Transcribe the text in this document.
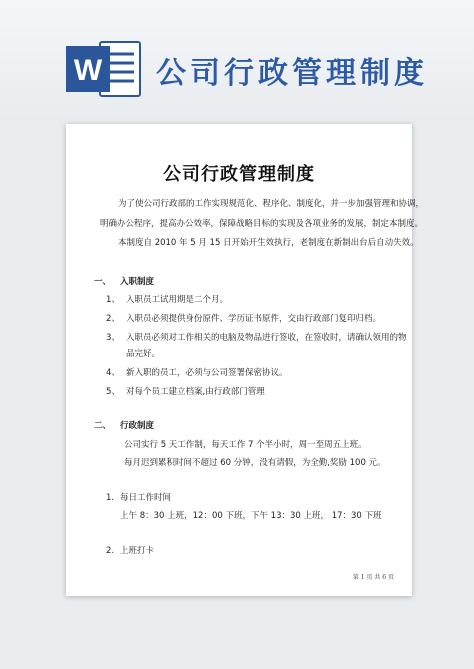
W 公司行政管理制度
公司行政管理制度
为了使公司行政部的工作实现规范化、程序化、制度化，并一步加强管理和协调，
明确办公程序，提高办公效率，保障战略目标的实现及各项业务的发展，制定本制度。
本制度自 2010 年 5 月 15 日开始开生效执行，老制度在新制出台后自动失效。
一、 入职制度
1、 入职员工试用期是二个月。
2、 入职员必须提供身份原件、学历证书原件，交由行政部门复印归档。
3、 入职员必须对工作相关的电脑及物品进行签收，在签收时，请确认领用的物
品完好。
4、 新入职的员工，必须与公司签署保密协议。
5、 对每个员工建立档案,由行政部门管理
二、 行政制度
公司实行 5 天工作制，每天工作 7 个半小时，周一至周五上班。
每月迟到累积时间不超过 60 分钟，没有请假，为全勤,奖励 100 元。
1. 每日工作时间
上午 8：30 上班，12：00 下班，下午 13：30 上班， 17：30 下班
2. 上班打卡
第 1 页 共 6 页
